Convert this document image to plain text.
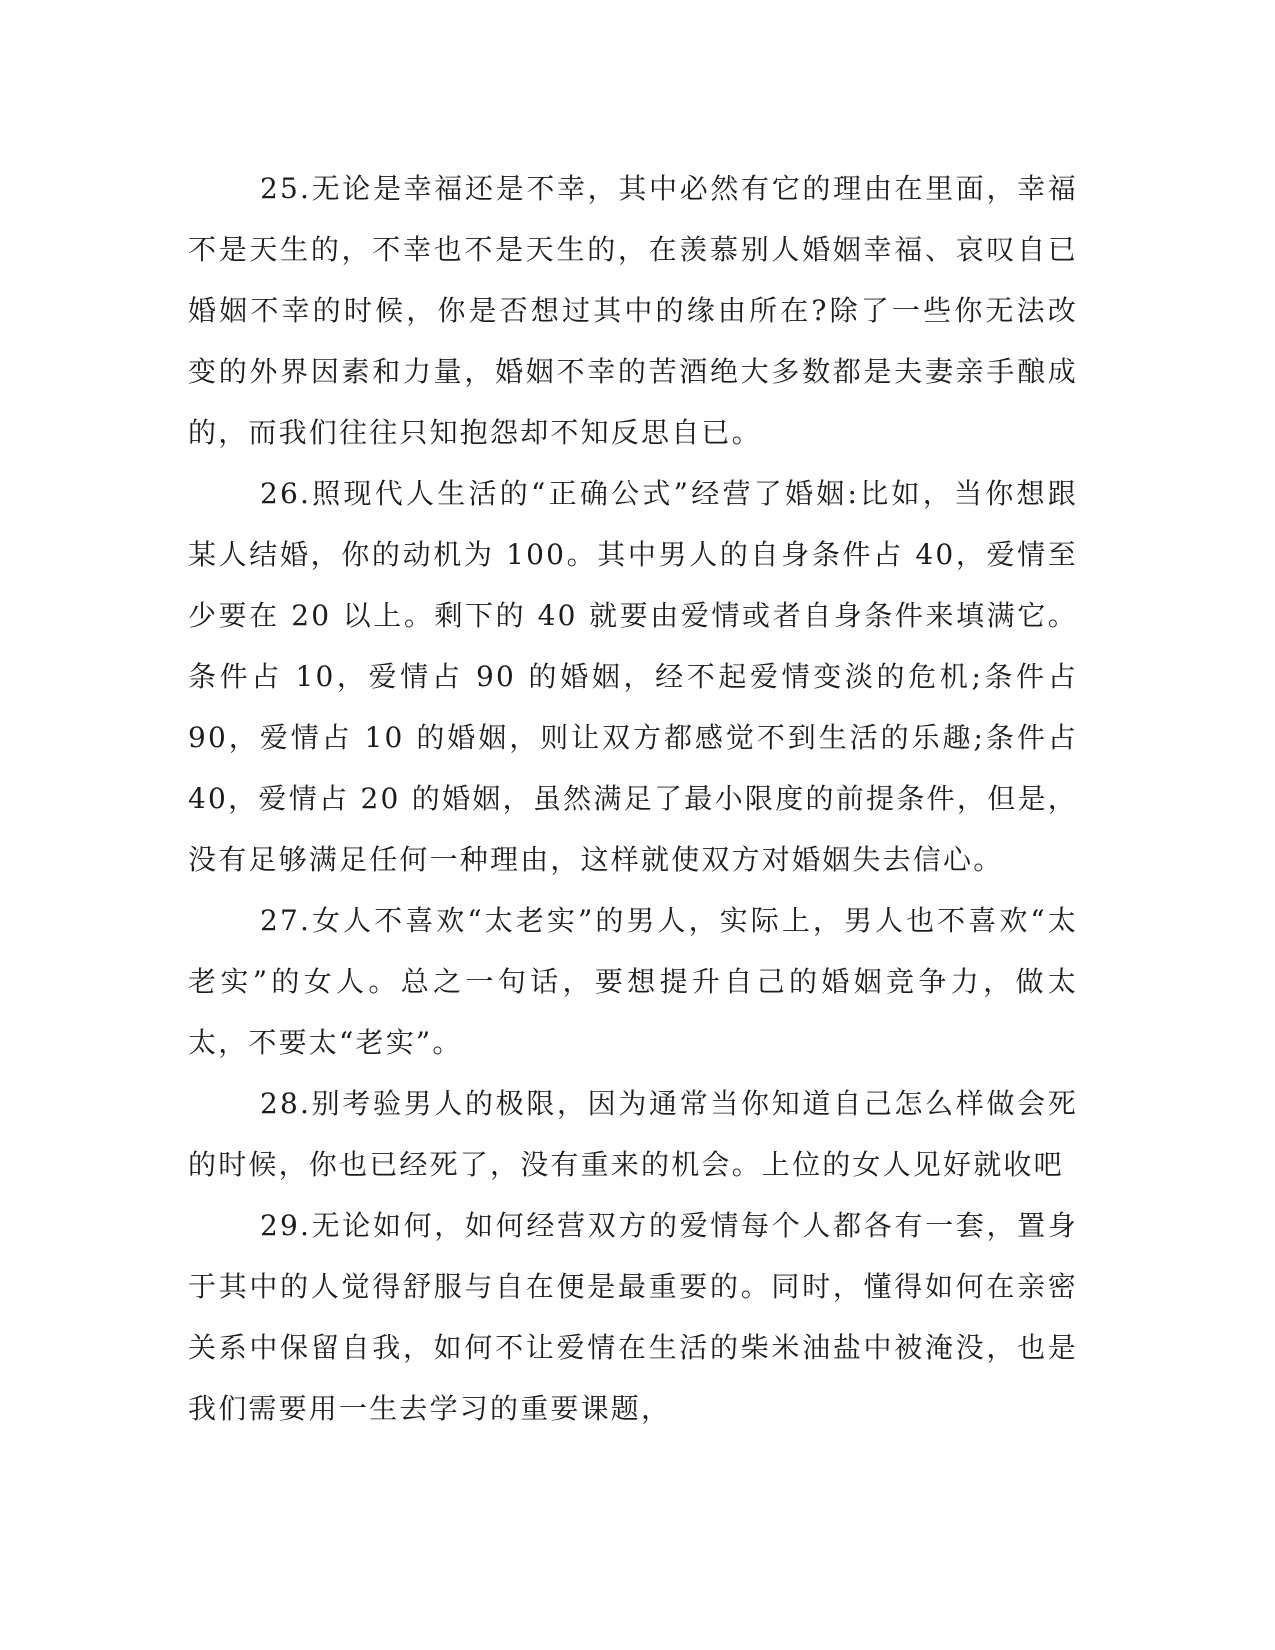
25.无论是幸福还是不幸，其中必然有它的理由在里面，幸福不是天生的，不幸也不是天生的，在羡慕别人婚姻幸福、哀叹自已婚姻不幸的时候，你是否想过其中的缘由所在?除了一些你无法改变的外界因素和力量，婚姻不幸的苦酒绝大多数都是夫妻亲手酿成的，而我们往往只知抱怨却不知反思自已。

26.照现代人生活的“正确公式”经营了婚姻:比如，当你想跟某人结婚，你的动机为 100。其中男人的自身条件占 40，爱情至少要在 20 以上。剩下的 40 就要由爱情或者自身条件来填满它。条件占 10，爱情占 90 的婚姻，经不起爱情变淡的危机;条件占 90，爱情占 10 的婚姻，则让双方都感觉不到生活的乐趣;条件占 40，爱情占 20 的婚姻，虽然满足了最小限度的前提条件，但是，没有足够满足任何一种理由，这样就使双方对婚姻失去信心。

27.女人不喜欢“太老实”的男人，实际上，男人也不喜欢“太老实”的女人。总之一句话，要想提升自己的婚姻竞争力，做太太，不要太“老实”。

28.别考验男人的极限，因为通常当你知道自己怎么样做会死的时候，你也已经死了，没有重来的机会。上位的女人见好就收吧

29.无论如何，如何经营双方的爱情每个人都各有一套，置身于其中的人觉得舒服与自在便是最重要的。同时，懂得如何在亲密关系中保留自我，如何不让爱情在生活的柴米油盐中被淹没，也是我们需要用一生去学习的重要课题，
